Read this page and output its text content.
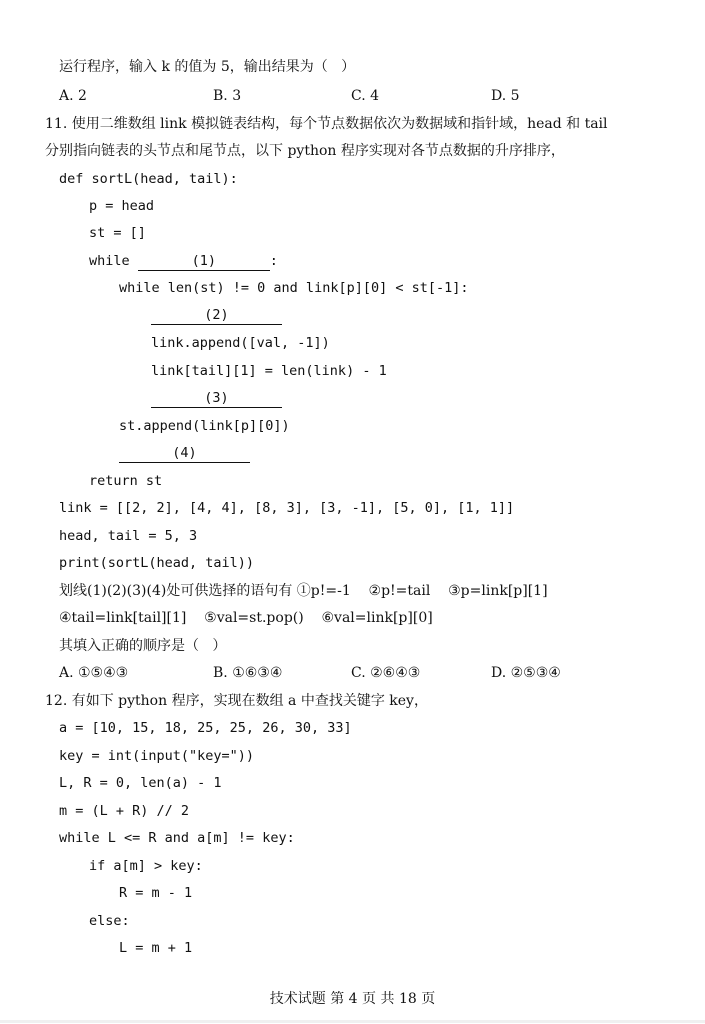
运行程序，输入 k 的值为 5，输出结果为（   ）
A. 2	B. 3	C. 4	D. 5
11. 使用二维数组 link 模拟链表结构，每个节点数据依次为数据域和指针域，head 和 tail
分别指向链表的头节点和尾节点，以下 python 程序实现对各节点数据的升序排序，
def sortL(head, tail):
p = head
st = []
while	(1)	:
while len(st) != 0 and link[p][0] < st[-1]:
(2)
link.append([val, -1])
link[tail][1] = len(link) - 1
(3)
st.append(link[p][0])
(4)
return st
link = [[2, 2], [4, 4], [8, 3], [3, -1], [5, 0], [1, 1]]
head, tail = 5, 3
print(sortL(head, tail))
划线(1)(2)(3)(4)处可供选择的语句有 ①p!=-1    ②p!=tail    ③p=link[p][1]
④tail=link[tail][1]    ⑤val=st.pop()    ⑥val=link[p][0]
其填入正确的顺序是（   ）
A. ①⑤④③	B. ①⑥③④	C. ②⑥④③	D. ②⑤③④
12. 有如下 python 程序，实现在数组 a 中查找关键字 key，
a = [10, 15, 18, 25, 25, 26, 30, 33]
key = int(input("key="))
L, R = 0, len(a) - 1
m = (L + R) // 2
while L <= R and a[m] != key:
if a[m] > key:
R = m - 1
else:
L = m + 1
技术试题 第 4 页 共 18 页
